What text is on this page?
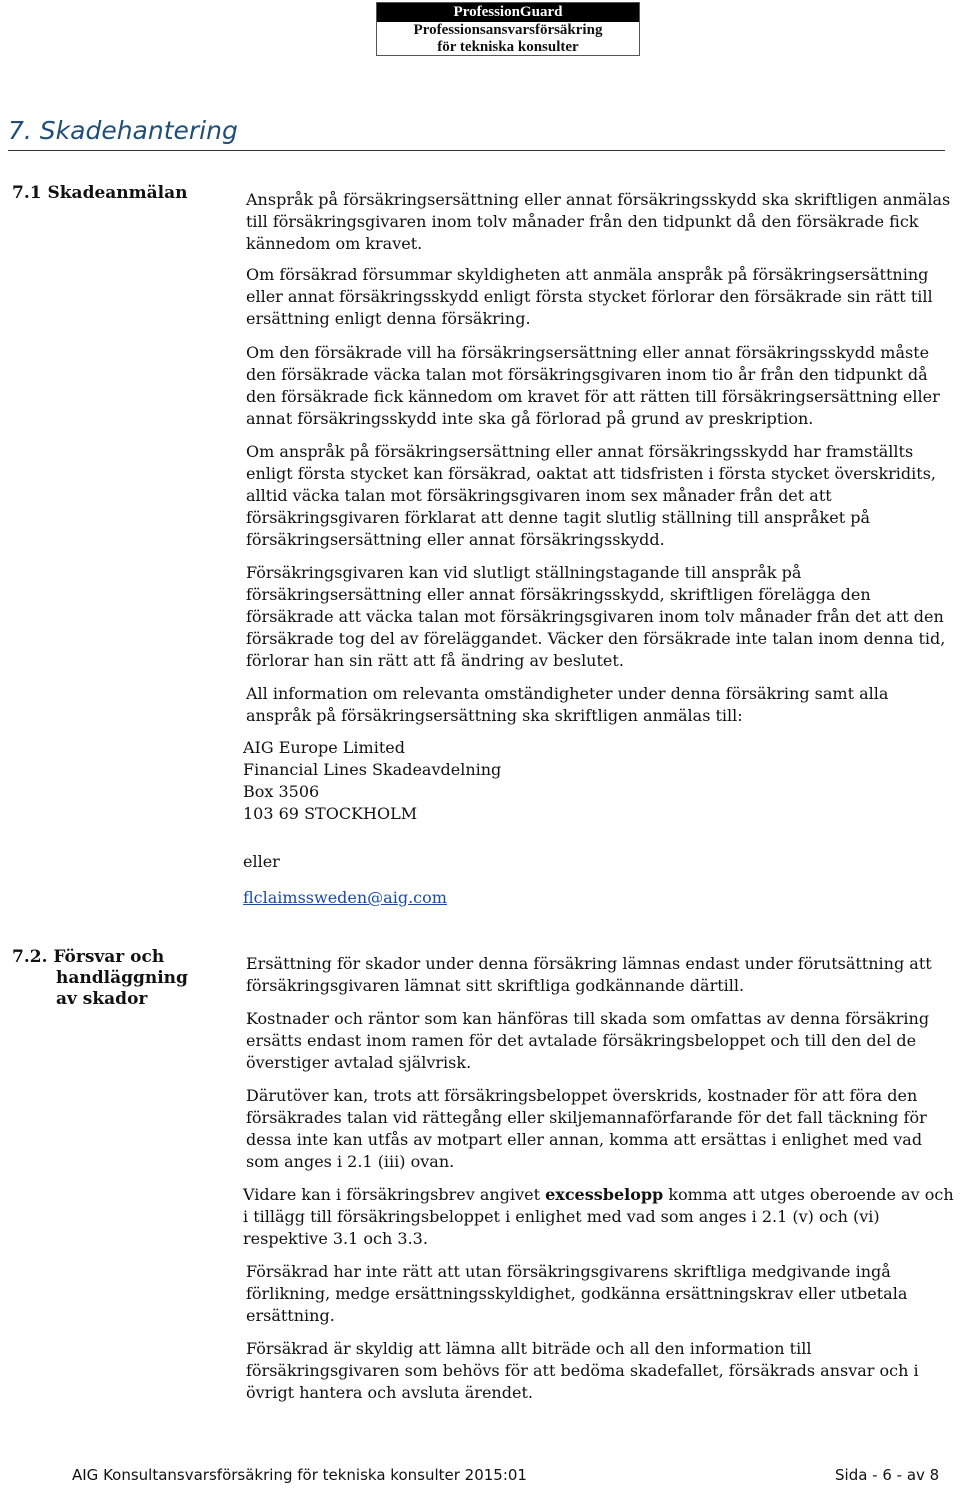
ProfessionGuard
Professionsansvarsförsäkring
för tekniska konsulter
7. Skadehantering
7.1 Skadeanmälan	Anspråk på försäkringsersättning eller annat försäkringsskydd ska skriftligen anmälas till försäkringsgivaren inom tolv månader från den tidpunkt då den försäkrade fick kännedom om kravet.

Om försäkrad försummar skyldigheten att anmäla anspråk på försäkringsersättning eller annat försäkringsskydd enligt första stycket förlorar den försäkrade sin rätt till ersättning enligt denna försäkring.

Om den försäkrade vill ha försäkringsersättning eller annat försäkringsskydd måste den försäkrade väcka talan mot försäkringsgivaren inom tio år från den tidpunkt då den försäkrade fick kännedom om kravet för att rätten till försäkringsersättning eller annat försäkringsskydd inte ska gå förlorad på grund av preskription.

Om anspråk på försäkringsersättning eller annat försäkringsskydd har framställts enligt första stycket kan försäkrad, oaktat att tidsfristen i första stycket överskridits, alltid väcka talan mot försäkringsgivaren inom sex månader från det att försäkringsgivaren förklarat att denne tagit slutlig ställning till anspråket på försäkringsersättning eller annat försäkringsskydd.

Försäkringsgivaren kan vid slutligt ställningstagande till anspråk på försäkringsersättning eller annat försäkringsskydd, skriftligen förelägga den försäkrade att väcka talan mot försäkringsgivaren inom tolv månader från det att den försäkrade tog del av föreläggandet. Väcker den försäkrade inte talan inom denna tid, förlorar han sin rätt att få ändring av beslutet.

All information om relevanta omständigheter under denna försäkring samt alla anspråk på försäkringsersättning ska skriftligen anmälas till:

AIG Europe Limited

Financial Lines Skadeavdelning

Box 3506

103 69 STOCKHOLM

eller

flclaimssweden@aig.com

7.2. Försvar och
handläggning
av skador

Ersättning för skador under denna försäkring lämnas endast under förutsättning att försäkringsgivaren lämnat sitt skriftliga godkännande därtill.

Kostnader och räntor som kan hänföras till skada som omfattas av denna försäkring ersätts endast inom ramen för det avtalade försäkringsbeloppet och till den del de överstiger avtalad självrisk.

Därutöver kan, trots att försäkringsbeloppet överskrids, kostnader för att föra den försäkrades talan vid rättegång eller skiljemannaförfarande för det fall täckning för dessa inte kan utfås av motpart eller annan, komma att ersättas i enlighet med vad som anges i 2.1 (iii) ovan.

Vidare kan i försäkringsbrev angivet excessbelopp komma att utges oberoende av och i tillägg till försäkringsbeloppet i enlighet med vad som anges i 2.1 (v) och (vi) respektive 3.1 och 3.3.

Försäkrad har inte rätt att utan försäkringsgivarens skriftliga medgivande ingå förlikning, medge ersättningsskyldighet, godkänna ersättningskrav eller utbetala ersättning.

Försäkrad är skyldig att lämna allt biträde och all den information till försäkringsgivaren som behövs för att bedöma skadefallet, försäkrads ansvar och i övrigt hantera och avsluta ärendet.

AIG Konsultansvarsförsäkring för tekniska konsulter 2015:01	Sida - 6 - av 8
